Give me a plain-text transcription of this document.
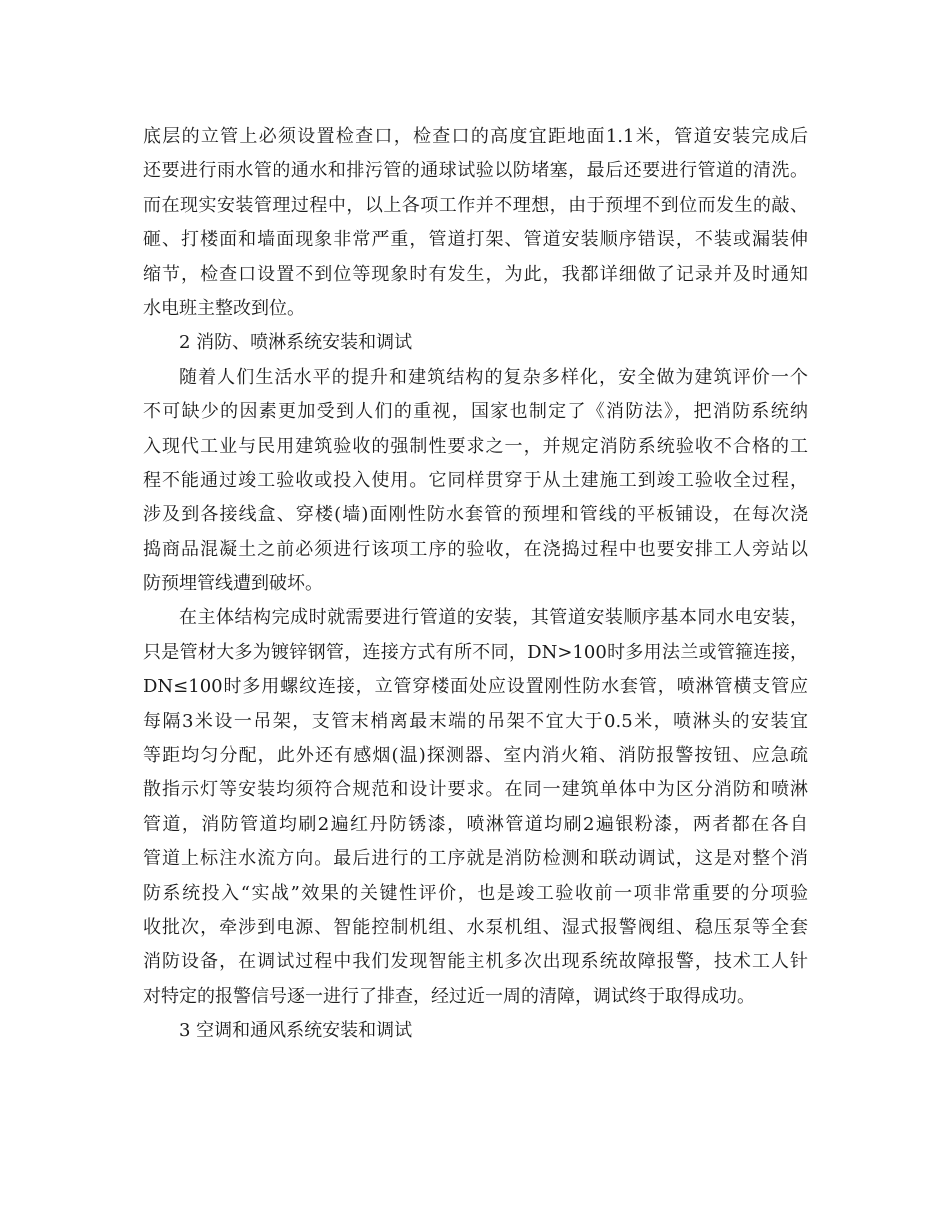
底层的立管上必须设置检查口，检查口的高度宜距地面1.1米，管道安装完成后
还要进行雨水管的通水和排污管的通球试验以防堵塞，最后还要进行管道的清洗。
而在现实安装管理过程中，以上各项工作并不理想，由于预埋不到位而发生的敲、
砸、打楼面和墙面现象非常严重，管道打架、管道安装顺序错误，不装或漏装伸
缩节，检查口设置不到位等现象时有发生，为此，我都详细做了记录并及时通知
水电班主整改到位。
2 消防、喷淋系统安装和调试
随着人们生活水平的提升和建筑结构的复杂多样化，安全做为建筑评价一个
不可缺少的因素更加受到人们的重视，国家也制定了《消防法》，把消防系统纳
入现代工业与民用建筑验收的强制性要求之一，并规定消防系统验收不合格的工
程不能通过竣工验收或投入使用。它同样贯穿于从土建施工到竣工验收全过程，
涉及到各接线盒、穿楼(墙)面刚性防水套管的预埋和管线的平板铺设，在每次浇
捣商品混凝土之前必须进行该项工序的验收，在浇捣过程中也要安排工人旁站以
防预埋管线遭到破坏。
在主体结构完成时就需要进行管道的安装，其管道安装顺序基本同水电安装，
只是管材大多为镀锌钢管，连接方式有所不同，DN>100时多用法兰或管箍连接，
DN≤100时多用螺纹连接，立管穿楼面处应设置刚性防水套管，喷淋管横支管应
每隔3米设一吊架，支管末梢离最末端的吊架不宜大于0.5米，喷淋头的安装宜
等距均匀分配，此外还有感烟(温)探测器、室内消火箱、消防报警按钮、应急疏
散指示灯等安装均须符合规范和设计要求。在同一建筑单体中为区分消防和喷淋
管道，消防管道均刷2遍红丹防锈漆，喷淋管道均刷2遍银粉漆，两者都在各自
管道上标注水流方向。最后进行的工序就是消防检测和联动调试，这是对整个消
防系统投入“实战”效果的关键性评价，也是竣工验收前一项非常重要的分项验
收批次，牵涉到电源、智能控制机组、水泵机组、湿式报警阀组、稳压泵等全套
消防设备，在调试过程中我们发现智能主机多次出现系统故障报警，技术工人针
对特定的报警信号逐一进行了排查，经过近一周的清障，调试终于取得成功。
3 空调和通风系统安装和调试
